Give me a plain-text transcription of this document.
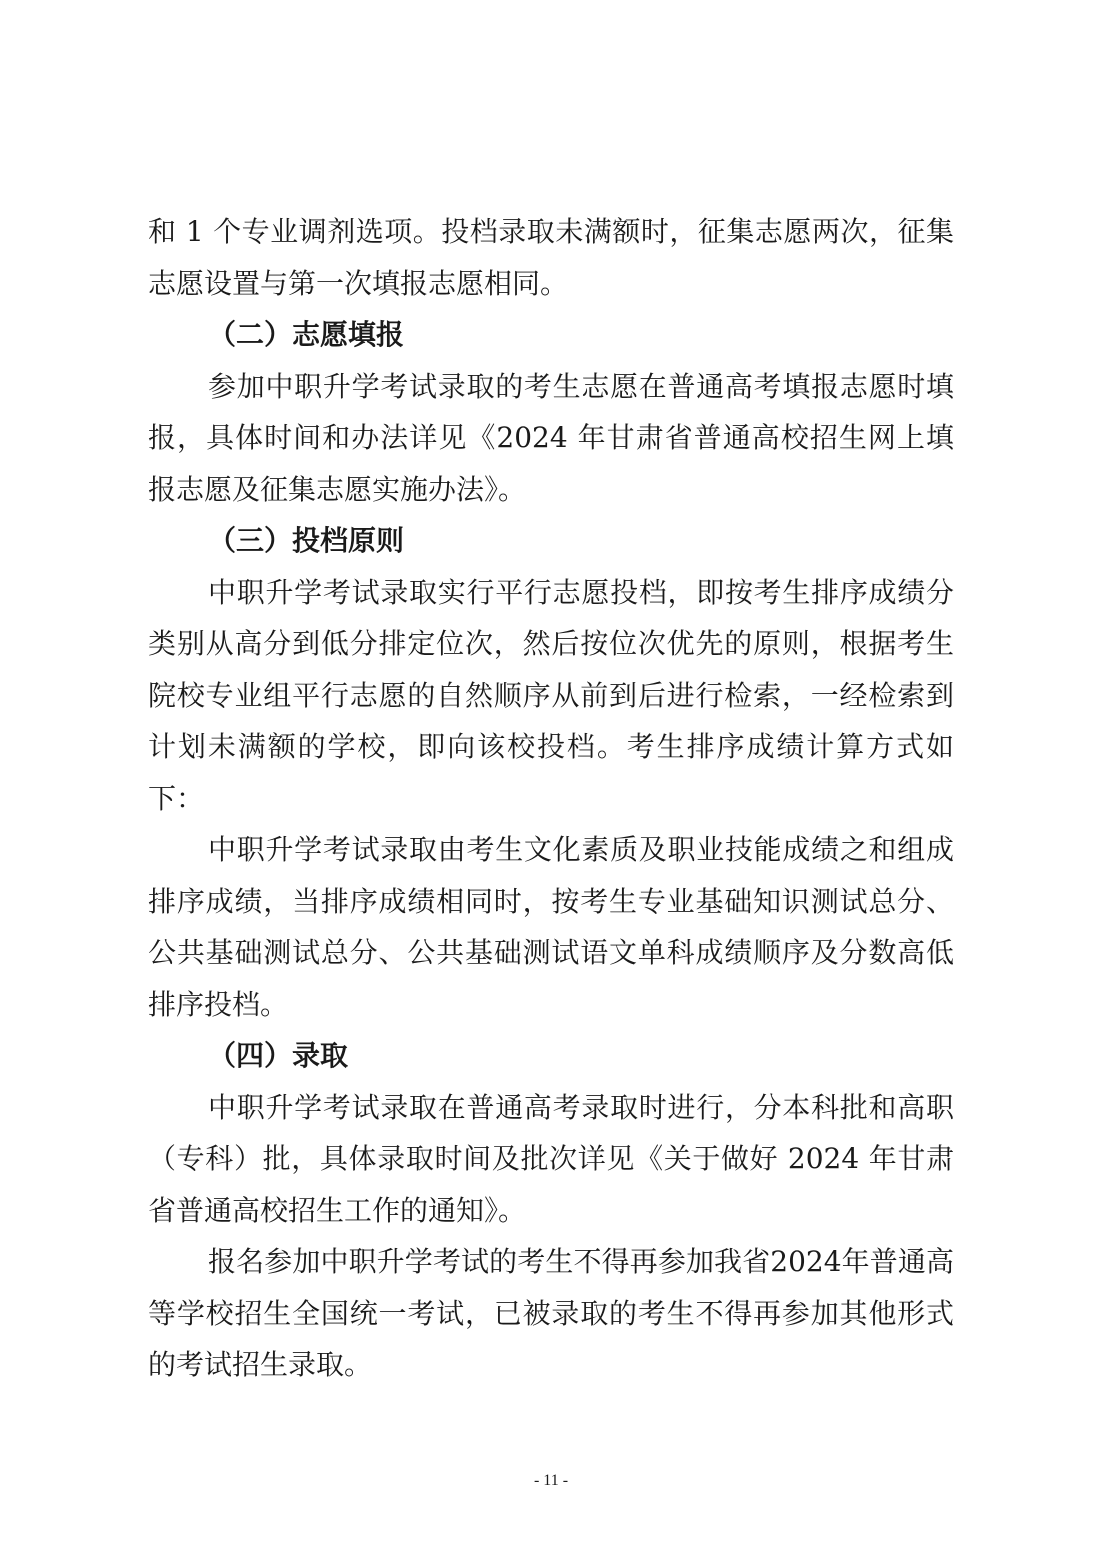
和 1 个专业调剂选项。投档录取未满额时，征集志愿两次，征集志愿设置与第一次填报志愿相同。

（二）志愿填报

参加中职升学考试录取的考生志愿在普通高考填报志愿时填报，具体时间和办法详见《2024 年甘肃省普通高校招生网上填报志愿及征集志愿实施办法》。

（三）投档原则

中职升学考试录取实行平行志愿投档，即按考生排序成绩分类别从高分到低分排定位次，然后按位次优先的原则，根据考生院校专业组平行志愿的自然顺序从前到后进行检索，一经检索到计划未满额的学校，即向该校投档。考生排序成绩计算方式如下：

中职升学考试录取由考生文化素质及职业技能成绩之和组成排序成绩，当排序成绩相同时，按考生专业基础知识测试总分、公共基础测试总分、公共基础测试语文单科成绩顺序及分数高低排序投档。

（四）录取

中职升学考试录取在普通高考录取时进行，分本科批和高职（专科）批，具体录取时间及批次详见《关于做好 2024 年甘肃省普通高校招生工作的通知》。

报名参加中职升学考试的考生不得再参加我省2024年普通高等学校招生全国统一考试，已被录取的考生不得再参加其他形式的考试招生录取。

- 11 -
